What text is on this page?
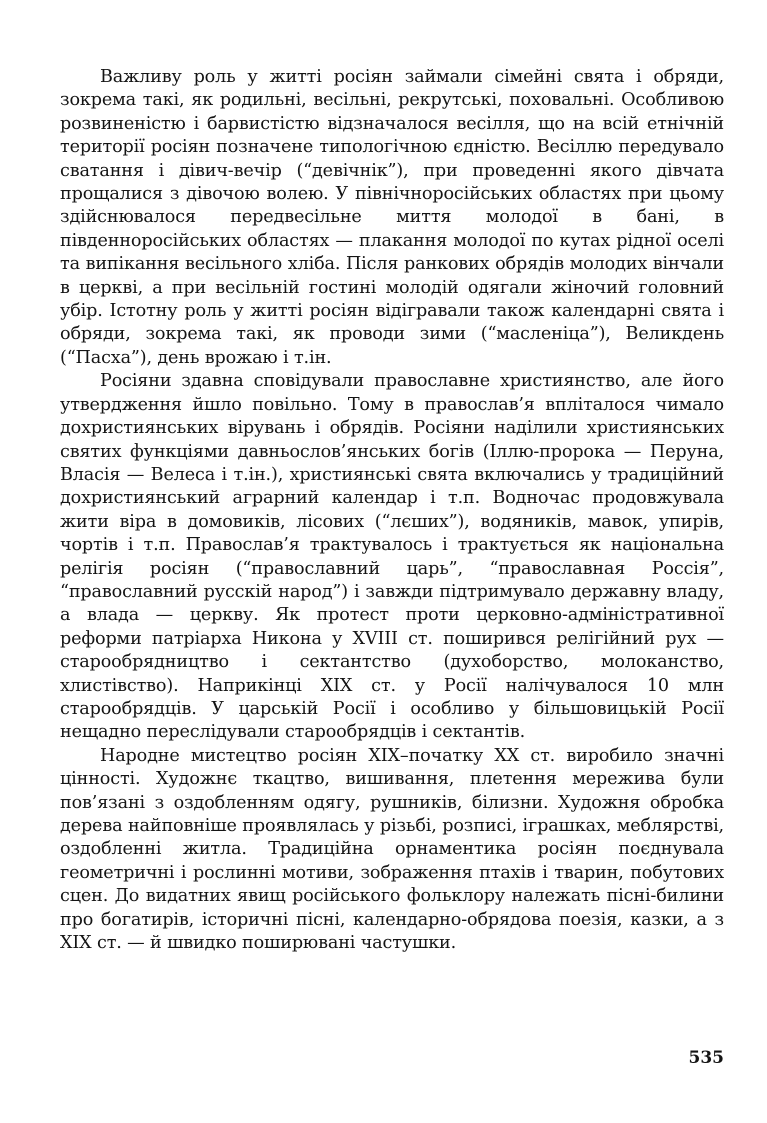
Важливу роль у житті росіян займали сімейні свята і обряди, зокрема такі, як родильні, весільні, рекрутські, поховальні. Особливою розвиненістю і барвистістю відзначалося весілля, що на всій етнічній території росіян позначене типологічною єдністю. Весіллю передувало сватання і дівич-вечір (“девічнік”), при проведенні якого дівчата прощалися з дівочою волею. У північноросійських областях при цьому здійснювалося передвесільне миття молодої в бані, в південноросійських областях — плакання молодої по кутах рідної оселі та випікання весільного хліба. Після ранкових обрядів молодих вінчали в церкві, а при весільній гостині молодій одягали жіночий головний убір. Істотну роль у житті росіян відігравали також календарні свята і обряди, зокрема такі, як проводи зими (“масленіца”), Великдень (“Пасха”), день врожаю і т.ін.

Росіяни здавна сповідували православне християнство, але його утвердження йшло повільно. Тому в православ’я вплiталося чимало дохристиянських вірувань і обрядів. Росіяни наділили християнських святих функціями давньослов’янських богів (Іллю-пророка — Перуна, Власія — Велеса і т.ін.), християнські свята включались у традиційний дохристиянський аграрний календар і т.п. Водночас продовжувала жити віра в домовиків, лісових (“лєших”), водяників, мавок, упирів, чортів і т.п. Православ’я трактувалось і трактується як національна релігія росіян (“православний царь”, “православная Россія”, “православний русскій народ”) і завжди підтримувало державну владу, а влада — церкву. Як протест проти церковно-адміністративної реформи патріарха Никона у XVIII ст. поширився релігійний рух — старообрядництво і сектантство (духоборство, молоканство, хлистівство). Наприкінці XIX ст. у Росії налічувалося 10 млн старообрядців. У царській Росії і особливо у більшовицькій Росії нещадно переслідували старообрядців і сектантів.

Народне мистецтво росіян XIX–початку XX ст. виробило значні цінності. Художнє ткацтво, вишивання, плетення мережива були пов’язані з оздобленням одягу, рушників, білизни. Художня обробка дерева найповніше проявлялась у різьбі, розписі, іграшках, меблярстві, оздобленні житла. Традиційна орнаментика росіян поєднувала геометричні і рослинні мотиви, зображення птахів і тварин, побутових сцен. До видатних явищ російського фольклору належать пісні-билини про богатирів, історичні пісні, календарно-обрядова поезія, казки, а з XIX ст. — й швидко поширювані частушки.

535
